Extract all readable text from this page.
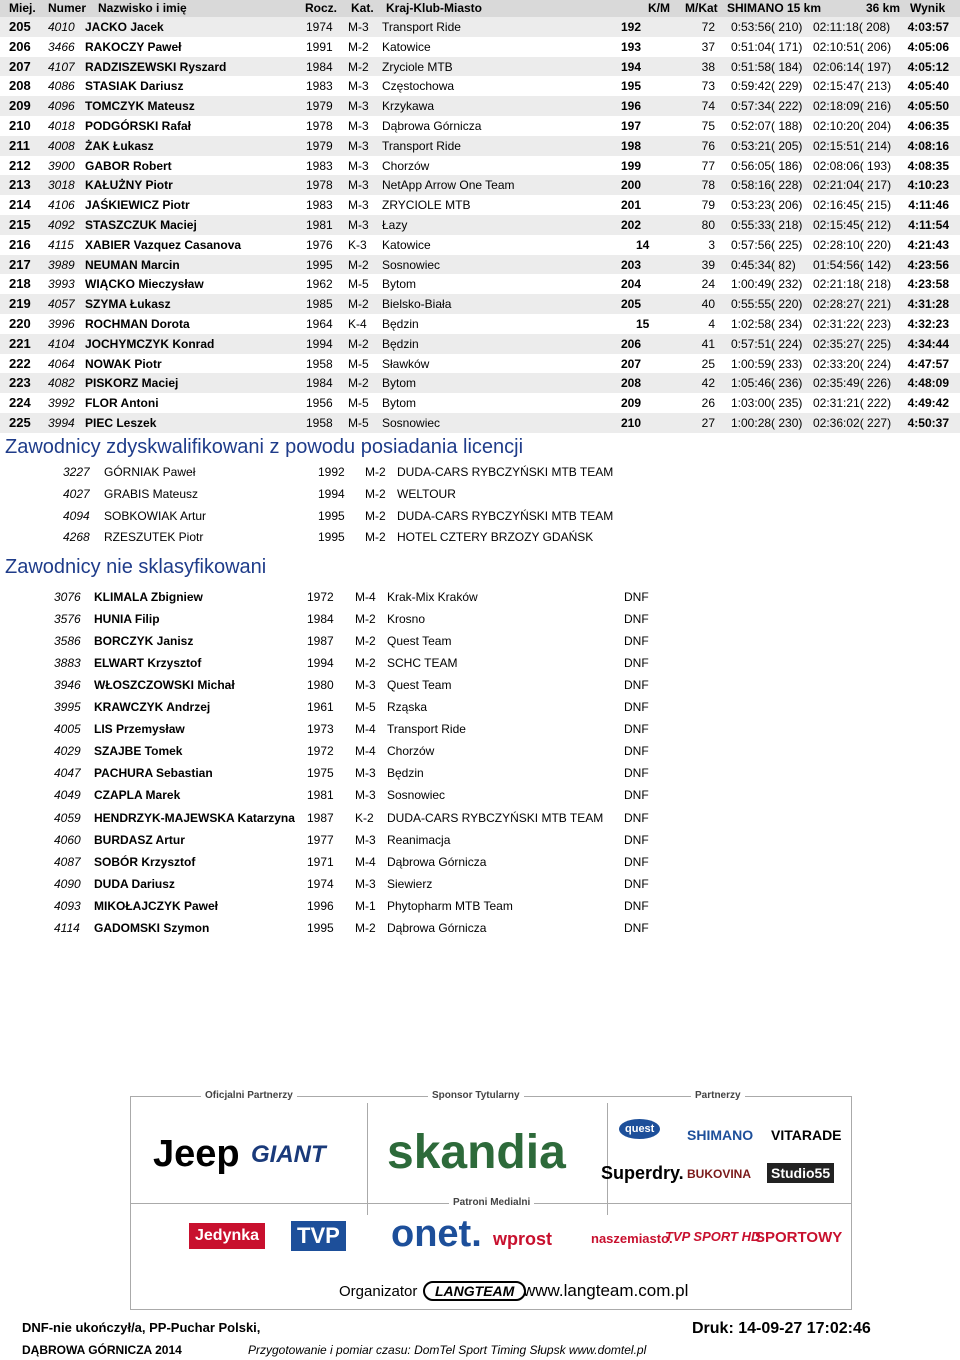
Miej. Numer Nazwisko i imię	Rocz. Kat. Kraj-Klub-Miasto	K/M M/Kat SHIMANO 15 km	36 km Wynik
205 4010 JACKO Jacek	1974 M-3 Transport Ride	192	72 0:53:56( 210) 02:11:18( 208) 4:03:57
206 3466 RAKOCZY Paweł	1991 M-2 Katowice	193	37 0:51:04( 171) 02:10:51( 206) 4:05:06
207 4107 RADZISZEWSKI Ryszard	1984 M-2 Zryciole MTB	194	38 0:51:58( 184) 02:06:14( 197) 4:05:12
208 4086 STASIAK Dariusz	1983 M-3 Częstochowa	195	73 0:59:42( 229) 02:15:47( 213) 4:05:40
209 4096 TOMCZYK Mateusz	1979 M-3 Krzykawa	196	74 0:57:34( 222) 02:18:09( 216) 4:05:50
210 4018 PODGÓRSKI Rafał	1978 M-3 Dąbrowa Górnicza	197	75 0:52:07( 188) 02:10:20( 204) 4:06:35
211 4008 ŻAK Łukasz	1979 M-3 Transport Ride	198	76 0:53:21( 205) 02:15:51( 214) 4:08:16
212 3900 GABOR Robert	1983 M-3 Chorzów	199	77 0:56:05( 186) 02:08:06( 193) 4:08:35
213 3018 KAŁUŻNY Piotr	1978 M-3 NetApp Arrow One Team	200	78 0:58:16( 228) 02:21:04( 217) 4:10:23
214 4106 JAŚKIEWICZ Piotr	1983 M-3 ZRYCIOLE MTB	201	79 0:53:23( 206) 02:16:45( 215) 4:11:46
215 4092 STASZCZUK Maciej	1981 M-3 Łazy	202	80 0:55:33( 218) 02:15:45( 212) 4:11:54
216 4115 XABIER Vazquez Casanova	1976 K-3 Katowice	14	3 0:57:56( 225) 02:28:10( 220) 4:21:43
217 3989 NEUMAN Marcin	1995 M-2 Sosnowiec	203	39 0:45:34( 82) 01:54:56( 142) 4:23:56
218 3993 WIĄCKO Mieczysław	1962 M-5 Bytom	204	24 1:00:49( 232) 02:21:18( 218) 4:23:58
219 4057 SZYMA Łukasz	1985 M-2 Bielsko-Biała	205	40 0:55:55( 220) 02:28:27( 221) 4:31:28
220 3996 ROCHMAN Dorota	1964 K-4 Będzin	15	4 1:02:58( 234) 02:31:22( 223) 4:32:23
221 4104 JOCHYMCZYK Konrad	1994 M-2 Będzin	206	41 0:57:51( 224) 02:35:27( 225) 4:34:44
222 4064 NOWAK Piotr	1958 M-5 Sławków	207	25 1:00:59( 233) 02:33:20( 224) 4:47:57
223 4082 PISKORZ Maciej	1984 M-2 Bytom	208	42 1:05:46( 236) 02:35:49( 226) 4:48:09
224 3992 FLOR Antoni	1956 M-5 Bytom	209	26 1:03:00( 235) 02:31:21( 222) 4:49:42
225 3994 PIEC Leszek	1958 M-5 Sosnowiec	210	27 1:00:28( 230) 02:36:02( 227) 4:50:37
Zawodnicy zdyskwalifikowani z powodu posiadania licencji
3227 GÓRNIAK Paweł	1992 M-2 DUDA-CARS RYBCZYŃSKI MTB TEAM
4027 GRABIS Mateusz	1994 M-2 WELTOUR
4094 SOBKOWIAK Artur	1995 M-2 DUDA-CARS RYBCZYŃSKI MTB TEAM
4268 RZESZUTEK Piotr	1995 M-2 HOTEL CZTERY BRZOZY GDAŃSK
Zawodnicy nie sklasyfikowani
3076 KLIMALA Zbigniew	1972 M-4 Krak-Mix Kraków	DNF
3576 HUNIA Filip	1984 M-2 Krosno	DNF
3586 BORCZYK Janisz	1987 M-2 Quest Team	DNF
3883 ELWART Krzysztof	1994 M-2 SCHC TEAM	DNF
3946 WŁOSZCZOWSKI Michał	1980 M-3 Quest Team	DNF
3995 KRAWCZYK Andrzej	1961 M-5 Rząska	DNF
4005 LIS Przemysław	1973 M-4 Transport Ride	DNF
4029 SZAJBE Tomek	1972 M-4 Chorzów	DNF
4047 PACHURA Sebastian	1975 M-3 Będzin	DNF
4049 CZAPLA Marek	1981 M-3 Sosnowiec	DNF
4059 HENDRZYK-MAJEWSKA Katarzyna 1987 K-2 DUDA-CARS RYBCZYŃSKI MTB TEAM DNF
4060 BURDASZ Artur	1977 M-3 Reanimacja	DNF
4087 SOBÓR Krzysztof	1971 M-4 Dąbrowa Górnicza	DNF
4090 DUDA Dariusz	1974 M-3 Siewierz	DNF
4093 MIKOŁAJCZYK Paweł	1996 M-1 Phytopharm MTB Team	DNF
4114 GADOMSKI Szymon	1995 M-2 Dąbrowa Górnicza	DNF
Oficjalni Partnerzy	Sponsor Tytularny	Partnerzy
Patroni Medialni
Jeep GIANT skandia	quest	SHIMANO VITARADE
Superdry. BUKOVINA Studio55
Jedynka TVP onet. wprost	naszemiasto.
TVP SPORT HD
SPORTOWY
Organizator	LANGTEAM www.langteam.com.pl
DNF-nie ukończył/a, PP-Puchar Polski,
DĄBROWA GÓRNICZA 2014	Przygotowanie i pomiar czasu: DomTel Sport Timing Słupsk www.domtel.pl
Druk: 14-09-27 17:02:46
